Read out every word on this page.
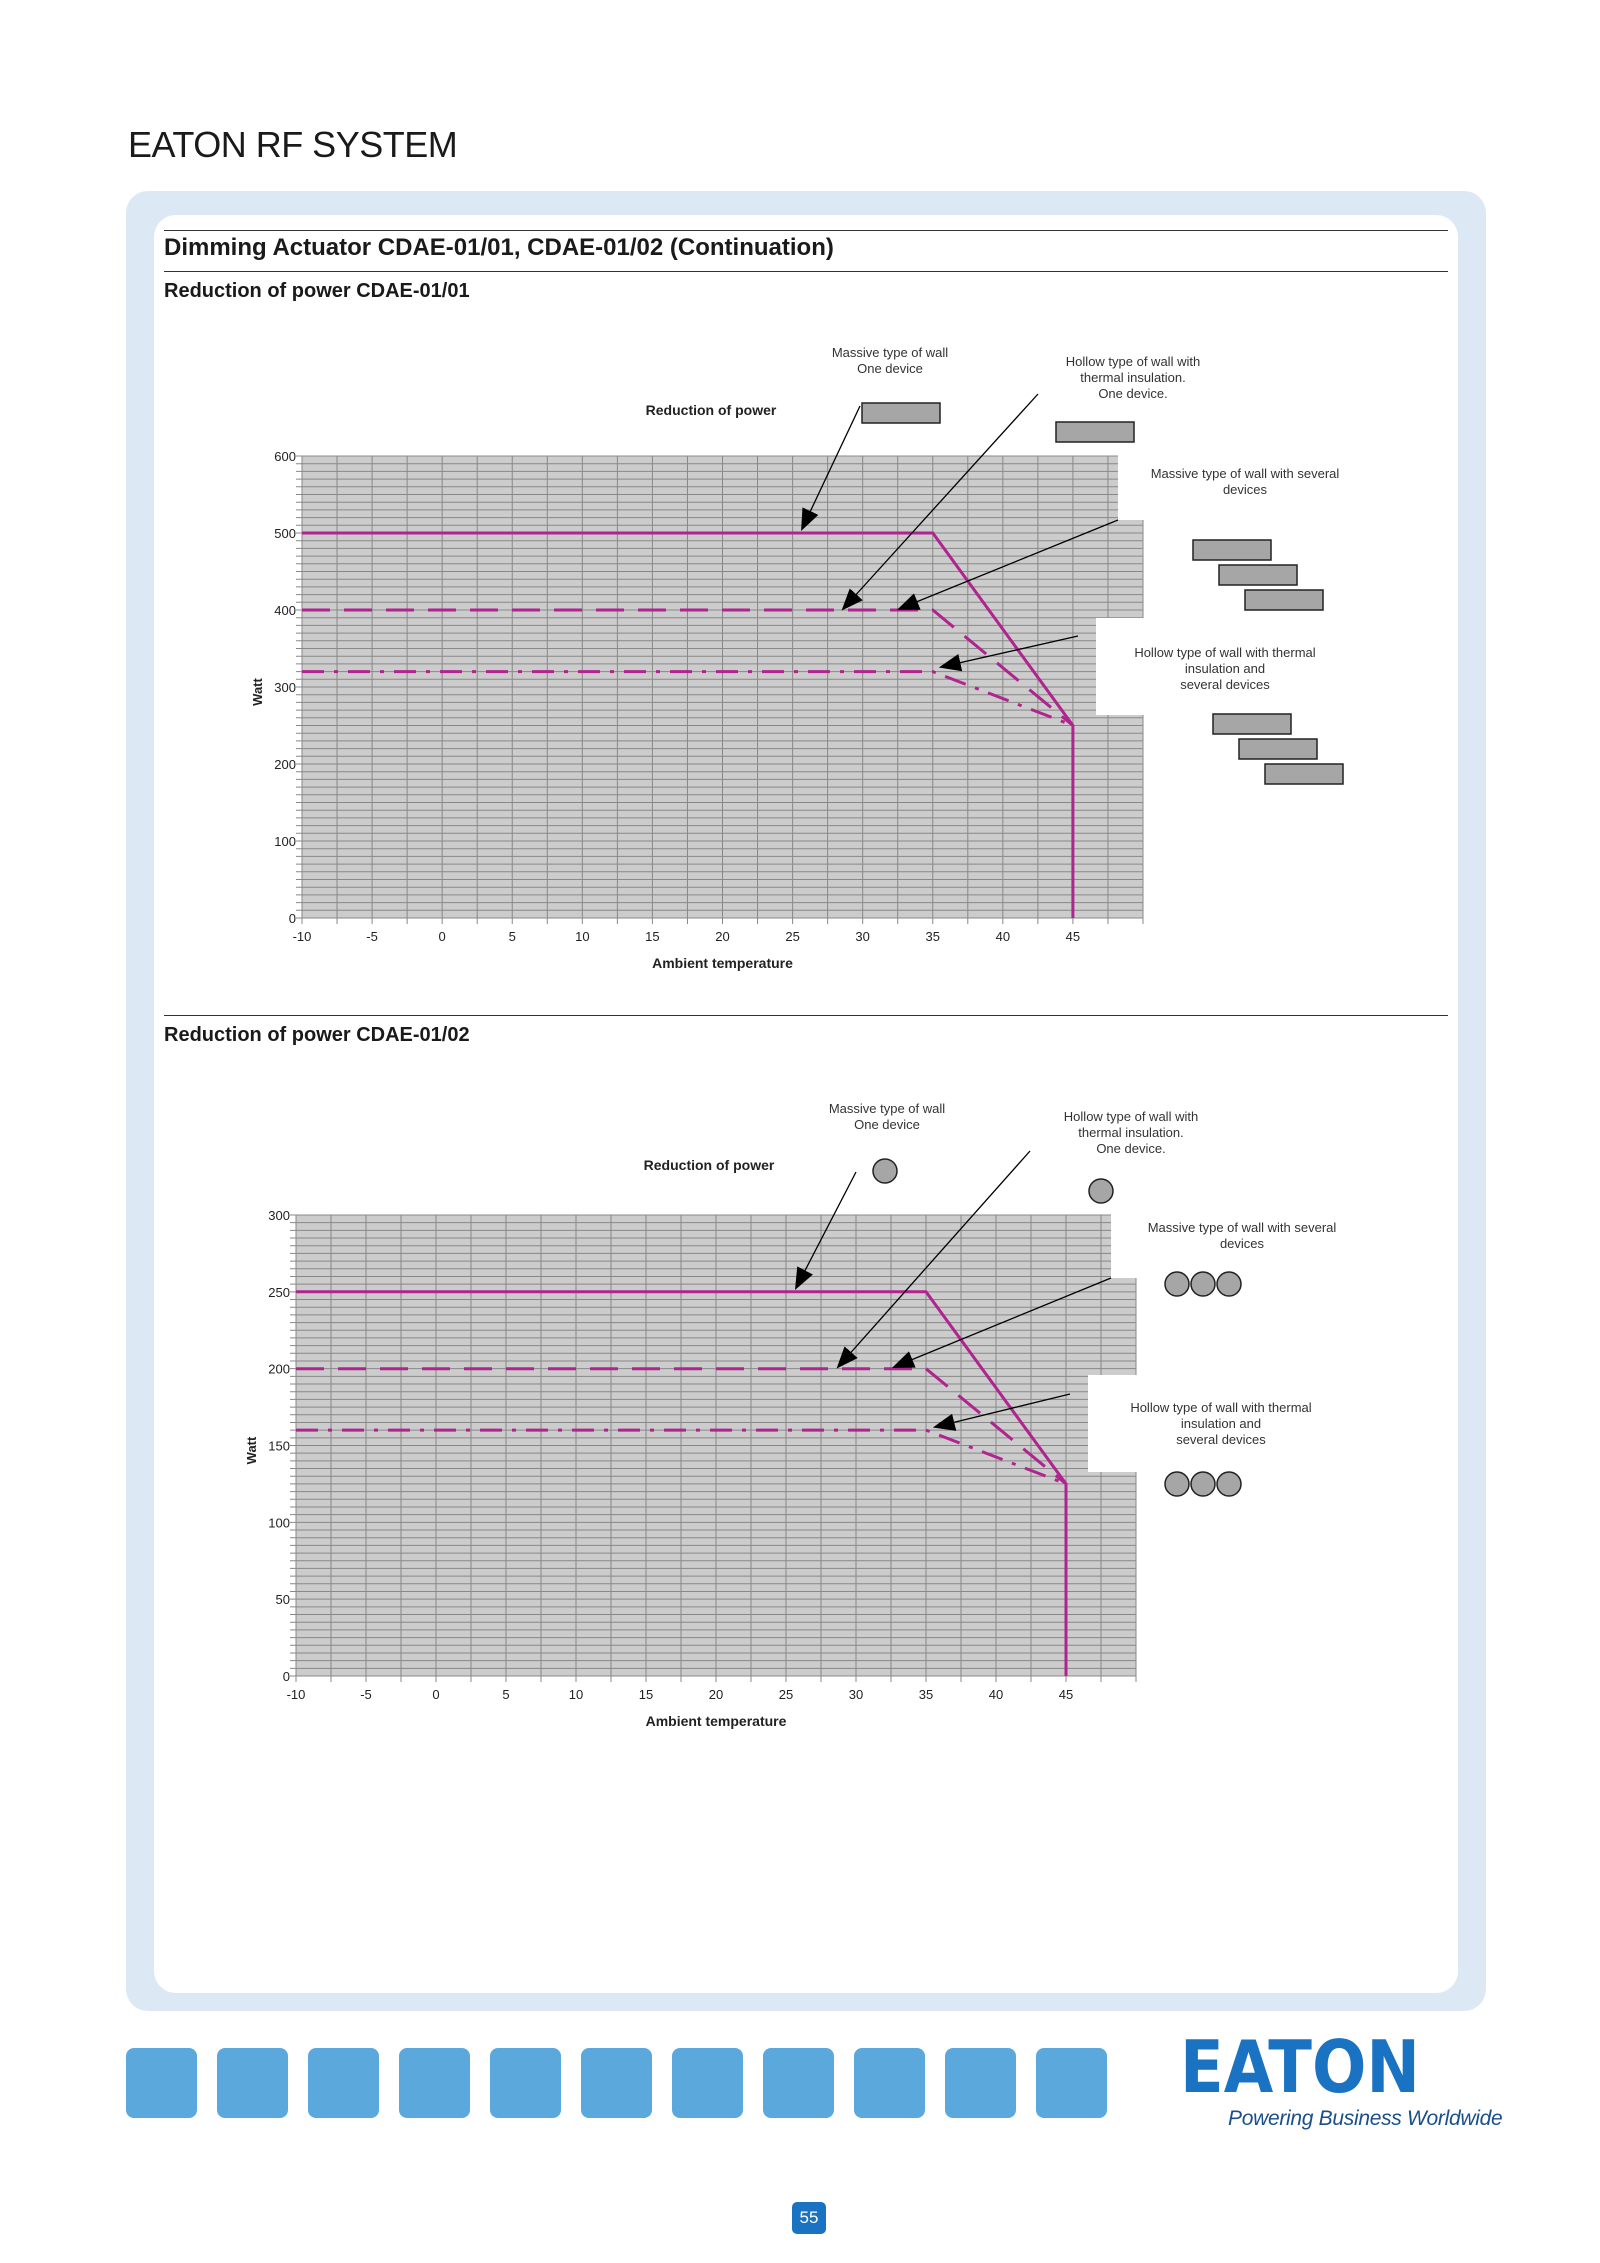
EATON RF SYSTEM
Dimming Actuator CDAE-01/01, CDAE-01/02 (Continuation)
Reduction of power CDAE-01/01
0
100
200
300
400
500
600
-10	-5	0	5	10	15	20	25	30	35	40	45
Ambient temperature
Watt
Reduction of power
Massive type of wall
One device	Hollow type of wall with
thermal insulation.
One device.
Massive type of wall with several
devices
Hollow type of wall with thermal
insulation and
several devices
Reduction of power CDAE-01/02
0
50
100
150
200
250
300
-10	-5	0	5	10	15	20	25	30	35	40	45
Ambient temperature
Watt
Reduction of power
Massive type of wall
One device
Hollow type of wall with
thermal insulation.
One device.
Massive type of wall with several
devices
Hollow type of wall with thermal
insulation and
several devices
EATON
Powering Business Worldwide
55
